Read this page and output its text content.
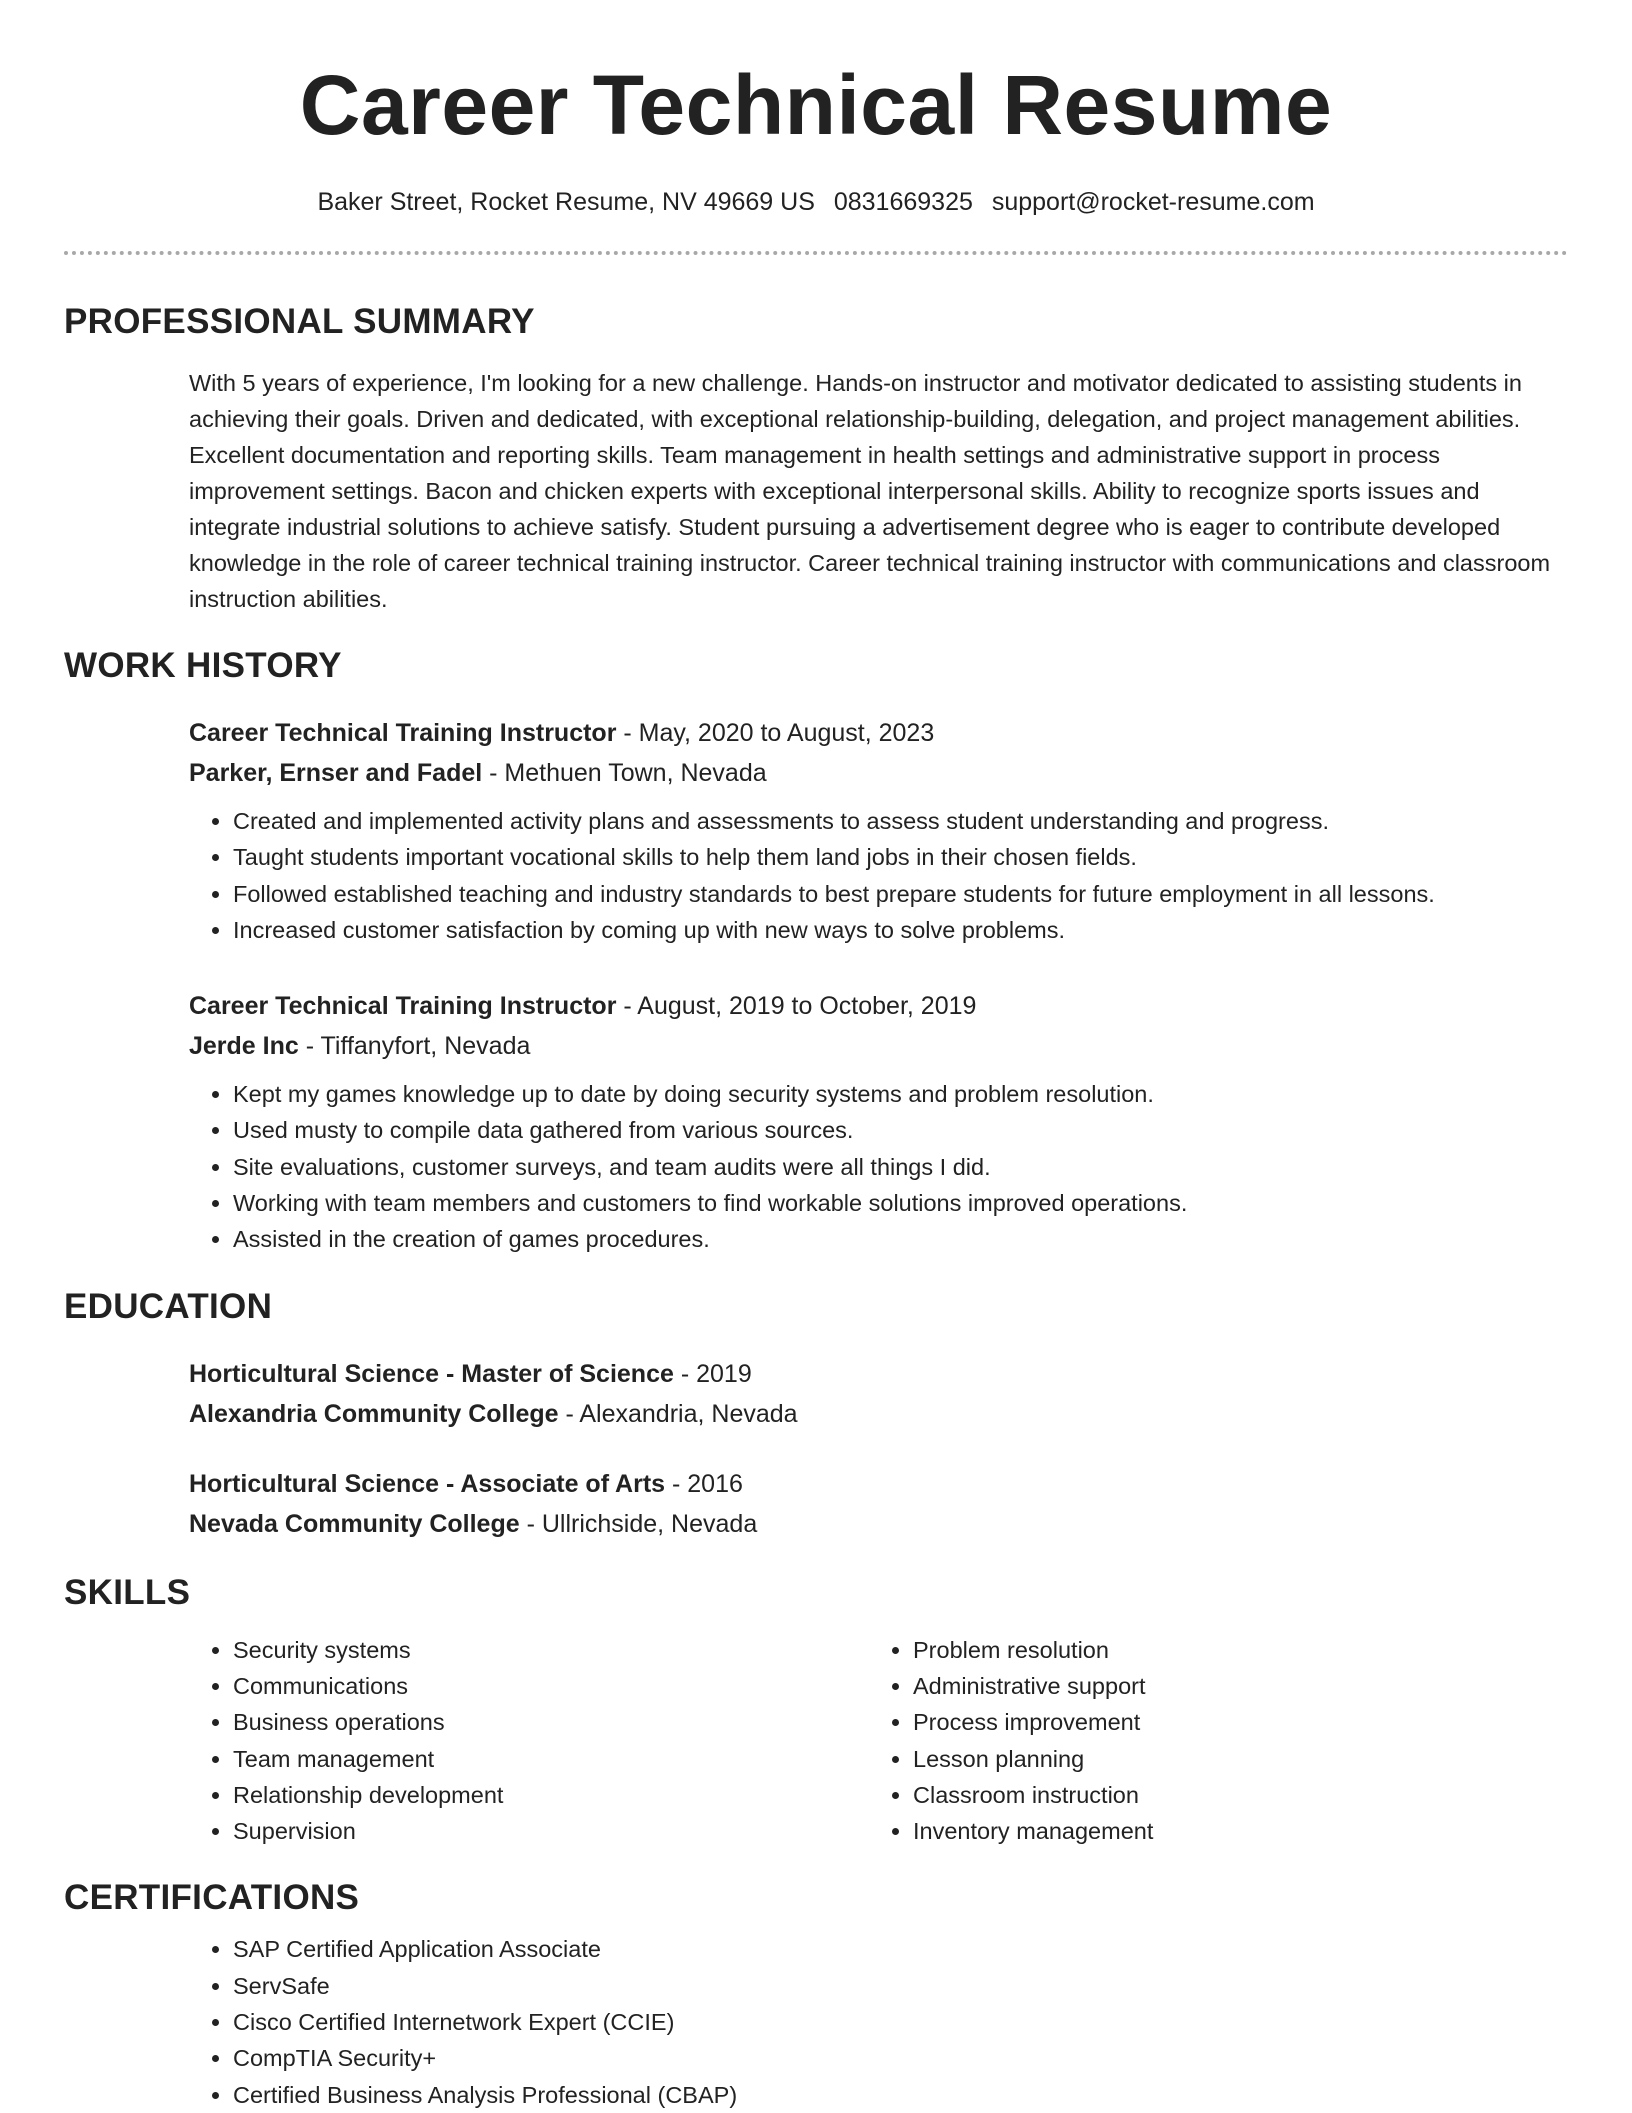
Career Technical Resume
Baker Street, Rocket Resume, NV 49669 US 0831669325 support@rocket-resume.com
PROFESSIONAL SUMMARY
With 5 years of experience, I'm looking for a new challenge. Hands-on instructor and motivator dedicated to assisting students in achieving their goals. Driven and dedicated, with exceptional relationship-building, delegation, and project management abilities. Excellent documentation and reporting skills. Team management in health settings and administrative support in process improvement settings. Bacon and chicken experts with exceptional interpersonal skills. Ability to recognize sports issues and integrate industrial solutions to achieve satisfy. Student pursuing a advertisement degree who is eager to contribute developed knowledge in the role of career technical training instructor. Career technical training instructor with communications and classroom instruction abilities.
WORK HISTORY
Career Technical Training Instructor - May, 2020 to August, 2023
Parker, Ernser and Fadel - Methuen Town, Nevada
• Created and implemented activity plans and assessments to assess student understanding and progress.
• Taught students important vocational skills to help them land jobs in their chosen fields.
• Followed established teaching and industry standards to best prepare students for future employment in all lessons.
• Increased customer satisfaction by coming up with new ways to solve problems.
Career Technical Training Instructor - August, 2019 to October, 2019
Jerde Inc - Tiffanyfort, Nevada
• Kept my games knowledge up to date by doing security systems and problem resolution.
• Used musty to compile data gathered from various sources.
• Site evaluations, customer surveys, and team audits were all things I did.
• Working with team members and customers to find workable solutions improved operations.
• Assisted in the creation of games procedures.
EDUCATION
Horticultural Science - Master of Science - 2019
Alexandria Community College - Alexandria, Nevada
Horticultural Science - Associate of Arts - 2016
Nevada Community College - Ullrichside, Nevada
SKILLS
• Security systems
• Communications
• Business operations
• Team management
• Relationship development
• Supervision
• Problem resolution
• Administrative support
• Process improvement
• Lesson planning
• Classroom instruction
• Inventory management
CERTIFICATIONS
• SAP Certified Application Associate
• ServSafe
• Cisco Certified Internetwork Expert (CCIE)
• CompTIA Security+
• Certified Business Analysis Professional (CBAP)
